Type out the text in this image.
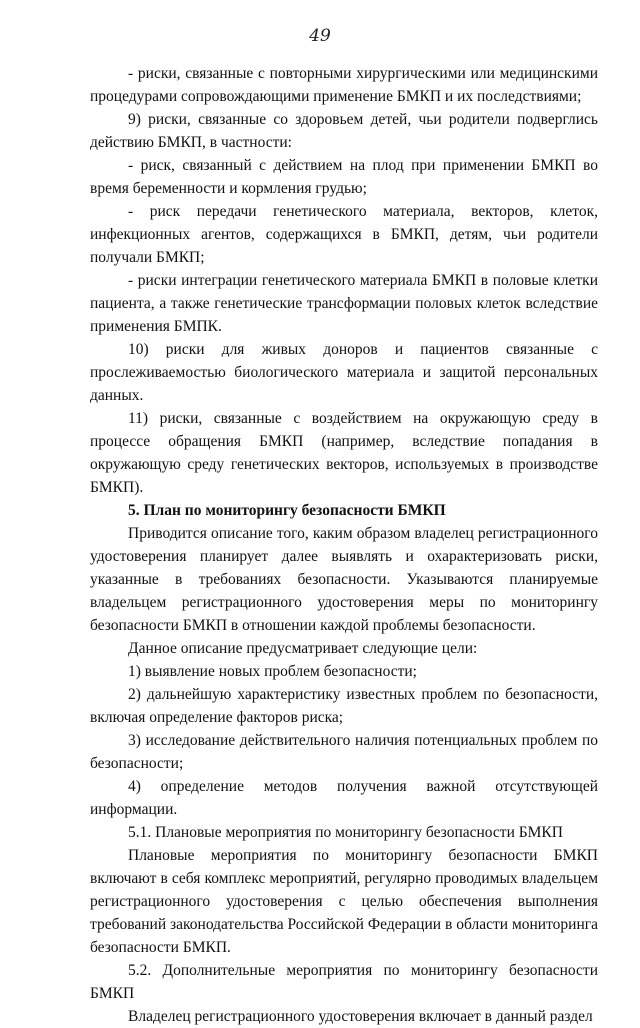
49

- риски, связанные с повторными хирургическими или медицинскими процедурами сопровождающими применение БМКП и их последствиями;

9) риски, связанные со здоровьем детей, чьи родители подверглись действию БМКП, в частности:

- риск, связанный с действием на плод при применении БМКП во время беременности и кормления грудью;

- риск передачи генетического материала, векторов, клеток, инфекционных агентов, содержащихся в БМКП, детям, чьи родители получали БМКП;

- риски интеграции генетического материала БМКП в половые клетки пациента, а также генетические трансформации половых клеток вследствие применения БМПК.

10) риски для живых доноров и пациентов связанные с прослеживаемостью биологического материала и защитой персональных данных.

11) риски, связанные с воздействием на окружающую среду в процессе обращения БМКП (например, вследствие попадания в окружающую среду генетических векторов, используемых в производстве БМКП).

5. План по мониторингу безопасности БМКП

Приводится описание того, каким образом владелец регистрационного удостоверения планирует далее выявлять и охарактеризовать риски, указанные в требованиях безопасности. Указываются планируемые владельцем регистрационного удостоверения меры по мониторингу безопасности БМКП в отношении каждой проблемы безопасности.

Данное описание предусматривает следующие цели:

1) выявление новых проблем безопасности;

2) дальнейшую характеристику известных проблем по безопасности, включая определение факторов риска;

3) исследование действительного наличия потенциальных проблем по безопасности;

4) определение методов получения важной отсутствующей информации.

5.1. Плановые мероприятия по мониторингу безопасности БМКП

Плановые мероприятия по мониторингу безопасности БМКП включают в себя комплекс мероприятий, регулярно проводимых владельцем регистрационного удостоверения с целью обеспечения выполнения требований законодательства Российской Федерации в области мониторинга безопасности БМКП.

5.2. Дополнительные мероприятия по мониторингу безопасности БМКП

Владелец регистрационного удостоверения включает в данный раздел
